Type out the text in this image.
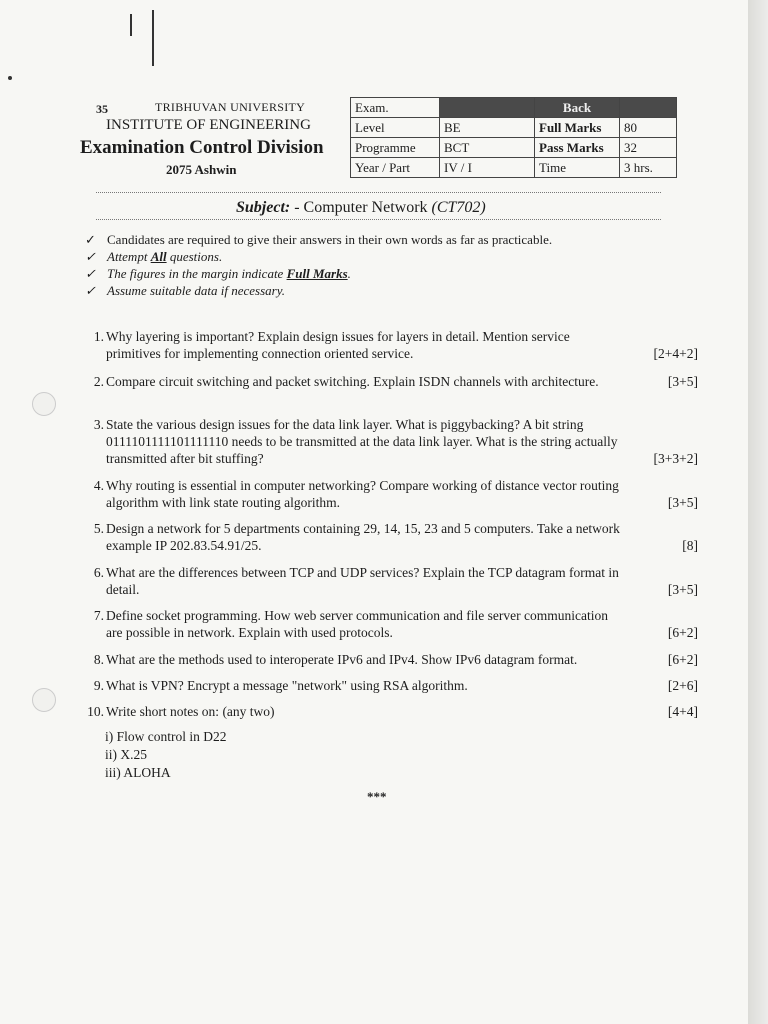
35	TRIBHUVAN UNIVERSITY
INSTITUTE OF ENGINEERING
Examination Control Division
2075 Ashwin
Exam.		Back	
Level	BE	Full Marks	80
Programme	BCT	Pass Marks	32
Year / Part	IV / I	Time	3 hrs.
Subject: - Computer Network (CT702)
✓ Candidates are required to give their answers in their own words as far as practicable.
✓ Attempt All questions.
✓ The figures in the margin indicate Full Marks.
✓ Assume suitable data if necessary.
1. Why layering is important? Explain design issues for layers in detail. Mention service primitives for implementing connection oriented service.	[2+4+2]
2. Compare circuit switching and packet switching. Explain ISDN channels with architecture.	[3+5]
3. State the various design issues for the data link layer. What is piggybacking? A bit string 0111101111101111110 needs to be transmitted at the data link layer. What is the string actually transmitted after bit stuffing?	[3+3+2]
4. Why routing is essential in computer networking? Compare working of distance vector routing algorithm with link state routing algorithm.	[3+5]
5. Design a network for 5 departments containing 29, 14, 15, 23 and 5 computers. Take a network example IP 202.83.54.91/25.	[8]
6. What are the differences between TCP and UDP services? Explain the TCP datagram format in detail.	[3+5]
7. Define socket programming. How web server communication and file server communication are possible in network. Explain with used protocols.	[6+2]
8. What are the methods used to interoperate IPv6 and IPv4. Show IPv6 datagram format.	[6+2]
9. What is VPN? Encrypt a message "network" using RSA algorithm.	[2+6]
10. Write short notes on: (any two)	[4+4]
i) Flow control in D22
ii) X.25
iii) ALOHA
***
